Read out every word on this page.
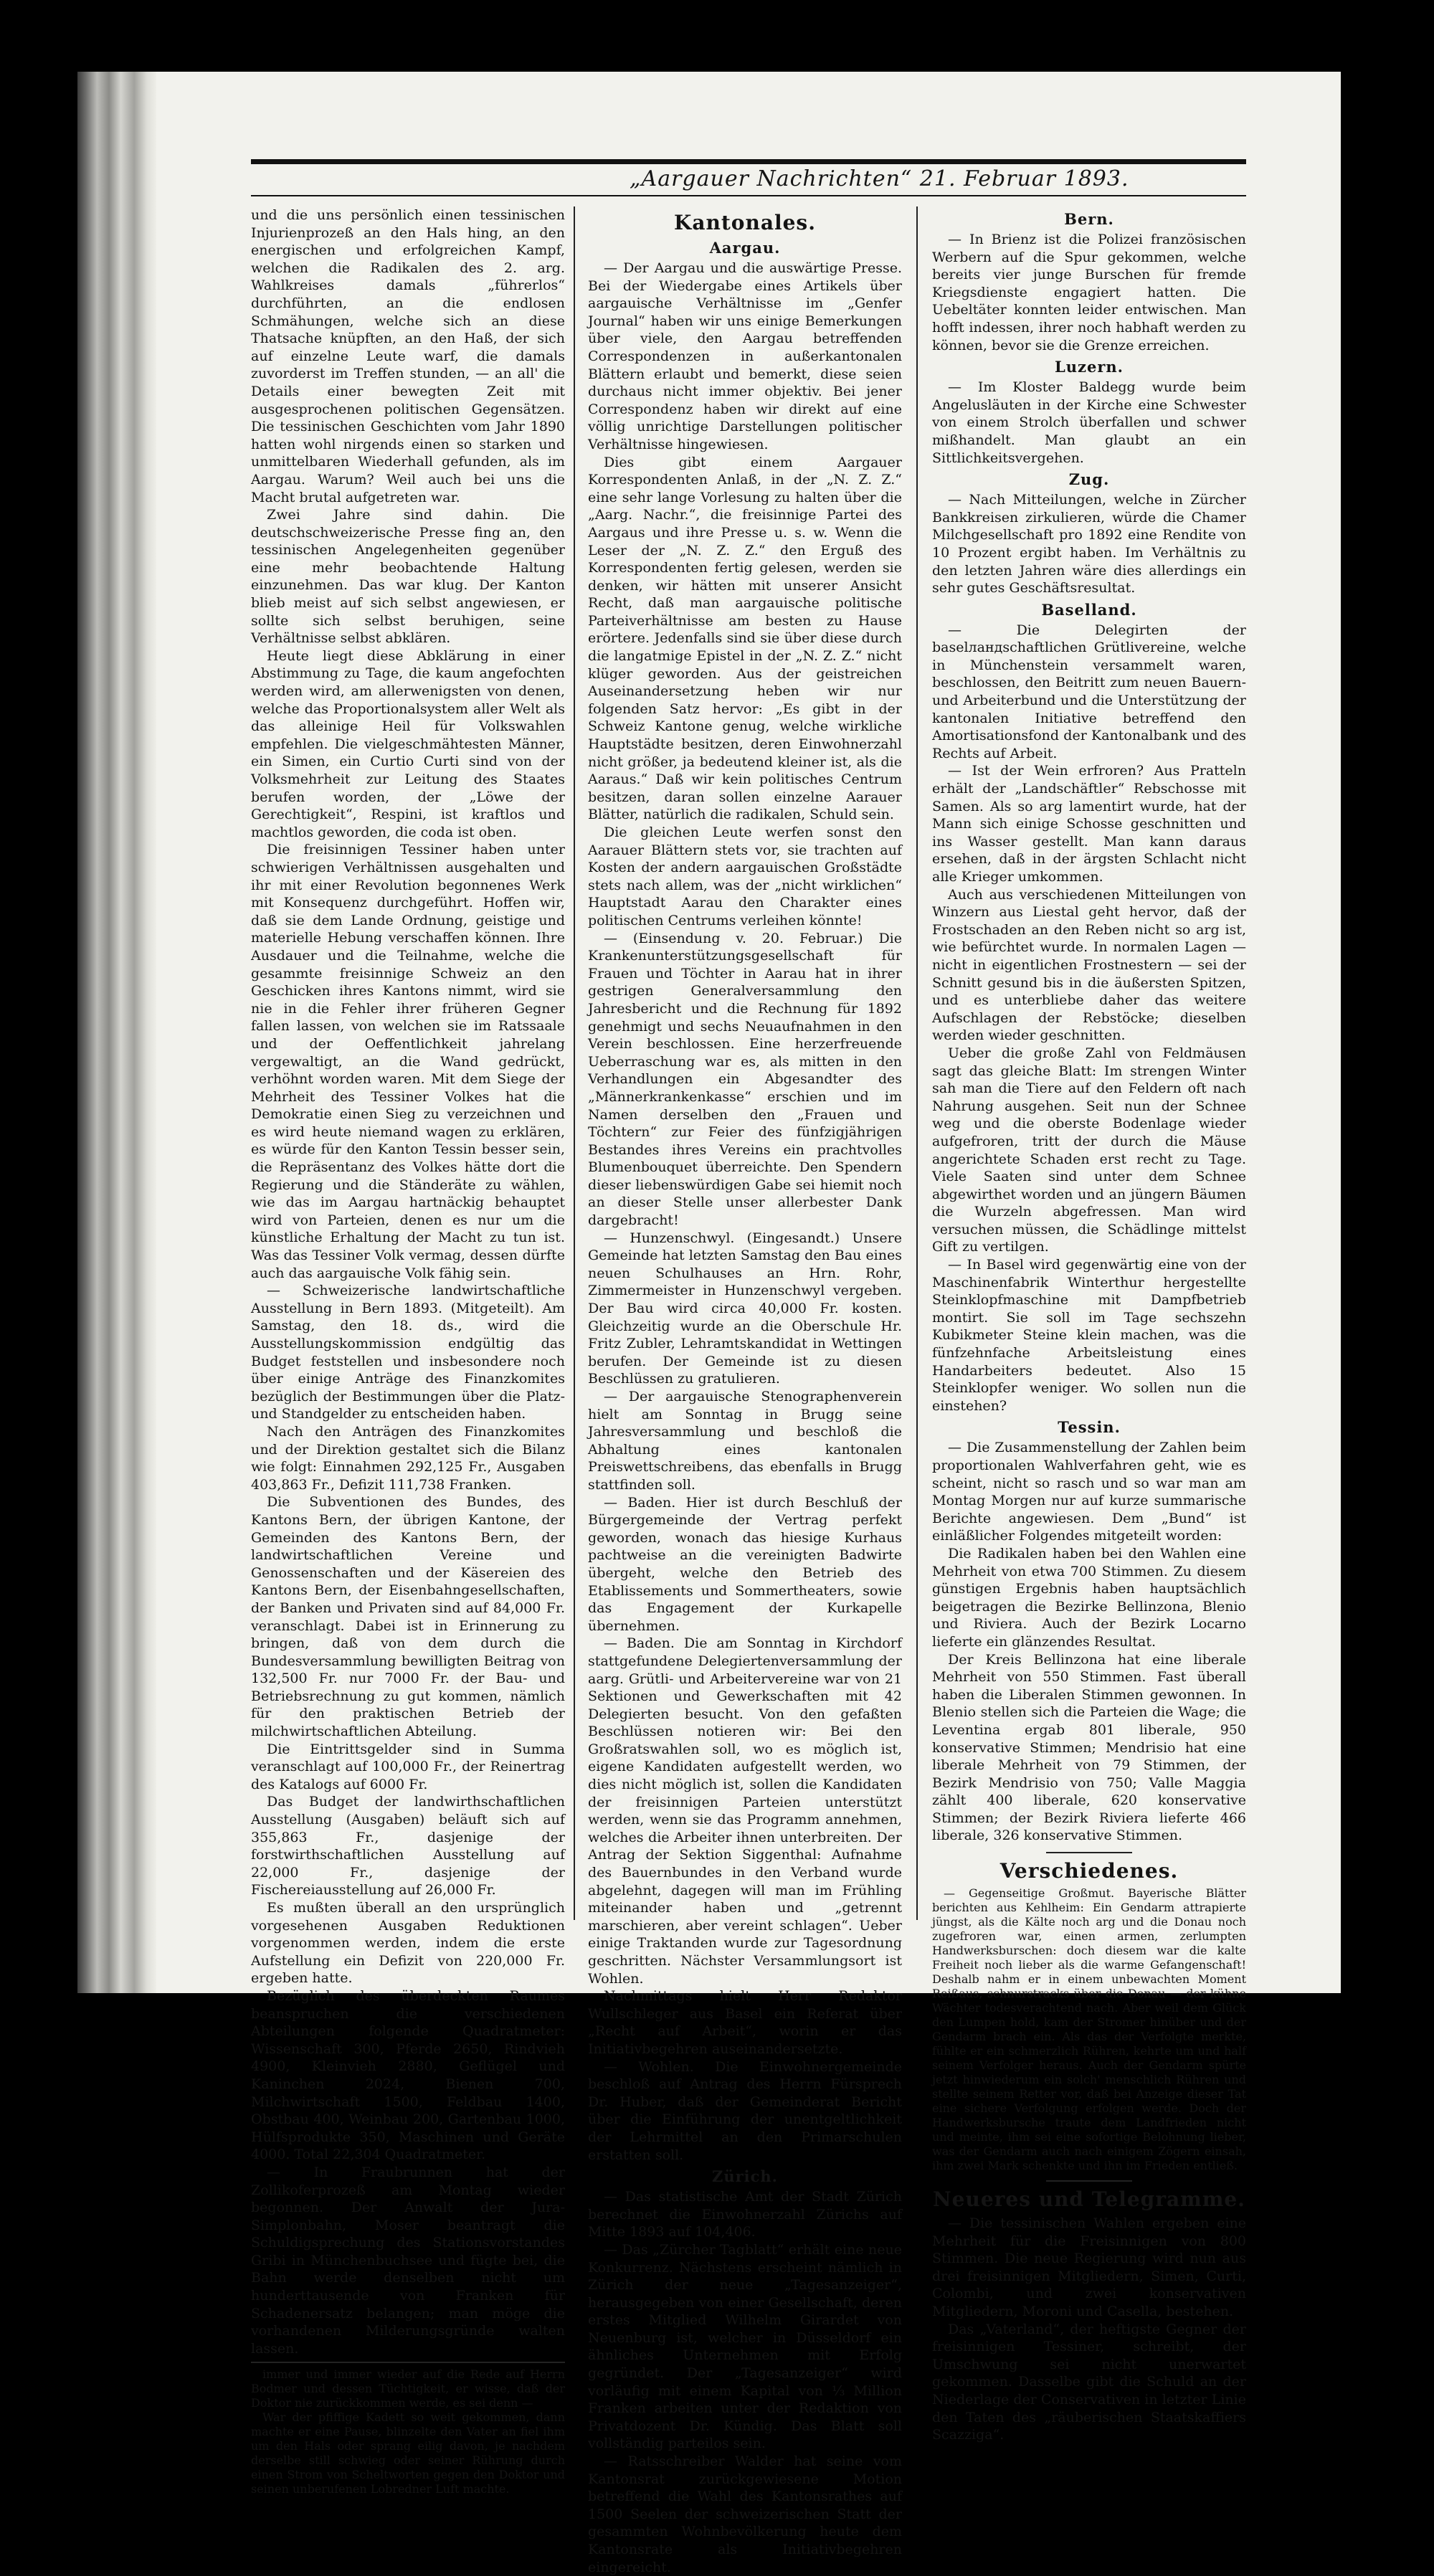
„Aargauer Nachrichten“ 21. Februar 1893.

und die uns persönlich einen tessinischen Injurienprozeß an den Hals hing, an den energischen und erfolgreichen Kampf, welchen die Radikalen des 2. arg. Wahlkreises damals „führerlos“ durchführten, an die endlosen Schmähungen, welche sich an diese Thatsache knüpften, an den Haß, der sich auf einzelne Leute warf, die damals zuvorderst im Treffen stunden, — an all' die Details einer bewegten Zeit mit ausgesprochenen politischen Gegensätzen. Die tessinischen Geschichten vom Jahr 1890 hatten wohl nirgends einen so starken und unmittelbaren Wiederhall gefunden, als im Aargau. Warum? Weil auch bei uns die Macht brutal aufgetreten war.

Zwei Jahre sind dahin. Die deutschschweizerische Presse fing an, den tessinischen Angelegenheiten gegenüber eine mehr beobachtende Haltung einzunehmen. Das war klug. Der Kanton blieb meist auf sich selbst angewiesen, er sollte sich selbst beruhigen, seine Verhältnisse selbst abklären.

Heute liegt diese Abklärung in einer Abstimmung zu Tage, die kaum angefochten werden wird, am allerwenigsten von denen, welche das Proportionalsystem aller Welt als das alleinige Heil für Volkswahlen empfehlen. Die vielgeschmähtesten Männer, ein Simen, ein Curtio Curti sind von der Volksmehrheit zur Leitung des Staates berufen worden, der „Löwe der Gerechtigkeit“, Respini, ist kraftlos und machtlos geworden, die coda ist oben.

Die freisinnigen Tessiner haben unter schwierigen Verhältnissen ausgehalten und ihr mit einer Revolution begonnenes Werk mit Konsequenz durchgeführt. Hoffen wir, daß sie dem Lande Ordnung, geistige und materielle Hebung verschaffen können. Ihre Ausdauer und die Teilnahme, welche die gesammte freisinnige Schweiz an den Geschicken ihres Kantons nimmt, wird sie nie in die Fehler ihrer früheren Gegner fallen lassen, von welchen sie im Ratssaale und der Oeffentlichkeit jahrelang vergewaltigt, an die Wand gedrückt, verhöhnt worden waren. Mit dem Siege der Mehrheit des Tessiner Volkes hat die Demokratie einen Sieg zu verzeichnen und es wird heute niemand wagen zu erklären, es würde für den Kanton Tessin besser sein, die Repräsentanz des Volkes hätte dort die Regierung und die Ständeräte zu wählen, wie das im Aargau hartnäckig behauptet wird von Parteien, denen es nur um die künstliche Erhaltung der Macht zu tun ist. Was das Tessiner Volk vermag, dessen dürfte auch das aargauische Volk fähig sein.

— Schweizerische landwirtschaftliche Ausstellung in Bern 1893. (Mitgeteilt). Am Samstag, den 18. ds., wird die Ausstellungskommission endgültig das Budget feststellen und insbesondere noch über einige Anträge des Finanzkomites bezüglich der Bestimmungen über die Platz- und Standgelder zu entscheiden haben.

Nach den Anträgen des Finanzkomites und der Direktion gestaltet sich die Bilanz wie folgt: Einnahmen 292,125 Fr., Ausgaben 403,863 Fr., Defizit 111,738 Franken.

Die Subventionen des Bundes, des Kantons Bern, der übrigen Kantone, der Gemeinden des Kantons Bern, der landwirtschaftlichen Vereine und Genossenschaften und der Käsereien des Kantons Bern, der Eisenbahngesellschaften, der Banken und Privaten sind auf 84,000 Fr. veranschlagt. Dabei ist in Erinnerung zu bringen, daß von dem durch die Bundesversammlung bewilligten Beitrag von 132,500 Fr. nur 7000 Fr. der Bau- und Betriebsrechnung zu gut kommen, nämlich für den praktischen Betrieb der milchwirtschaftlichen Abteilung.

Die Eintrittsgelder sind in Summa veranschlagt auf 100,000 Fr., der Reinertrag des Katalogs auf 6000 Fr.

Das Budget der landwirthschaftlichen Ausstellung (Ausgaben) beläuft sich auf 355,863 Fr., dasjenige der forstwirthschaftlichen Ausstellung auf 22,000 Fr., dasjenige der Fischereiausstellung auf 26,000 Fr.

Es mußten überall an den ursprünglich vorgesehenen Ausgaben Reduktionen vorgenommen werden, indem die erste Aufstellung ein Defizit von 220,000 Fr. ergeben hatte.

Bezüglich des überdeckten Raumes beanspruchen die verschiedenen Abteilungen folgende Quadratmeter: Wissenschaft 300, Pferde 2650, Rindvieh 4900, Kleinvieh 2880, Geflügel und Kaninchen 2024, Bienen 700, Milchwirtschaft 1500, Feldbau 1400, Obstbau 400, Weinbau 200, Gartenbau 1000, Hülfsprodukte 350, Maschinen und Geräte 4000. Total 22,304 Quadratmeter.

— In Fraubrunnen hat der Zollikoferprozeß am Montag wieder begonnen. Der Anwalt der Jura-Simplonbahn, Moser beantragt die Schuldigsprechung des Stationsvorstandes Gribi in Münchenbuchsee und fügte bei, die Bahn werde denselben nicht um hunderttausende von Franken für Schadenersatz belangen; man möge die vorhandenen Milderungsgründe walten lassen.

immer und immer wieder auf die Rede auf Herrn Bodmer und dessen Tüchtigkeit, er wisse, daß der Doktor nie zurückkommen werde, es sei denn —

War der pfiffige Kadett so weit gekommen, dann machte er eine Pause, blinzelte den Vater an fiel ihm um den Hals oder sprang eilig davon, je nachdem derselbe still schwieg oder seiner Rührung durch einen Strom von Scheltworten gegen den Doktor und seinen unberufenen Lobredner Luft machte.

Kantonales.
Aargau.

— Der Aargau und die auswärtige Presse. Bei der Wiedergabe eines Artikels über aargauische Verhältnisse im „Genfer Journal“ haben wir uns einige Bemerkungen über viele, den Aargau betreffenden Correspondenzen in außerkantonalen Blättern erlaubt und bemerkt, diese seien durchaus nicht immer objektiv. Bei jener Correspondenz haben wir direkt auf eine völlig unrichtige Darstellungen politischer Verhältnisse hingewiesen.

Dies gibt einem Aargauer Korrespondenten Anlaß, in der „N. Z. Z.“ eine sehr lange Vorlesung zu halten über die „Aarg. Nachr.“, die freisinnige Partei des Aargaus und ihre Presse u. s. w. Wenn die Leser der „N. Z. Z.“ den Erguß des Korrespondenten fertig gelesen, werden sie denken, wir hätten mit unserer Ansicht Recht, daß man aargauische politische Parteiverhältnisse am besten zu Hause erörtere. Jedenfalls sind sie über diese durch die langatmige Epistel in der „N. Z. Z.“ nicht klüger geworden. Aus der geistreichen Auseinandersetzung heben wir nur folgenden Satz hervor: „Es gibt in der Schweiz Kantone genug, welche wirkliche Hauptstädte besitzen, deren Einwohnerzahl nicht größer, ja bedeutend kleiner ist, als die Aaraus.“ Daß wir kein politisches Centrum besitzen, daran sollen einzelne Aarauer Blätter, natürlich die radikalen, Schuld sein.

Die gleichen Leute werfen sonst den Aarauer Blättern stets vor, sie trachten auf Kosten der andern aargauischen Großstädte stets nach allem, was der „nicht wirklichen“ Hauptstadt Aarau den Charakter eines politischen Centrums verleihen könnte!

— (Einsendung v. 20. Februar.) Die Krankenunterstützungsgesellschaft für Frauen und Töchter in Aarau hat in ihrer gestrigen Generalversammlung den Jahresbericht und die Rechnung für 1892 genehmigt und sechs Neuaufnahmen in den Verein beschlossen. Eine herzerfreuende Ueberraschung war es, als mitten in den Verhandlungen ein Abgesandter des „Männerkrankenkasse“ erschien und im Namen derselben den „Frauen und Töchtern“ zur Feier des fünfzigjährigen Bestandes ihres Vereins ein prachtvolles Blumenbouquet überreichte. Den Spendern dieser liebenswürdigen Gabe sei hiemit noch an dieser Stelle unser allerbester Dank dargebracht!

— Hunzenschwyl. (Eingesandt.) Unsere Gemeinde hat letzten Samstag den Bau eines neuen Schulhauses an Hrn. Rohr, Zimmermeister in Hunzenschwyl vergeben. Der Bau wird circa 40,000 Fr. kosten. Gleichzeitig wurde an die Oberschule Hr. Fritz Zubler, Lehramtskandidat in Wettingen berufen. Der Gemeinde ist zu diesen Beschlüssen zu gratulieren.

— Der aargauische Stenographenverein hielt am Sonntag in Brugg seine Jahresversammlung und beschloß die Abhaltung eines kantonalen Preiswettschreibens, das ebenfalls in Brugg stattfinden soll.

— Baden. Hier ist durch Beschluß der Bürgergemeinde der Vertrag perfekt geworden, wonach das hiesige Kurhaus pachtweise an die vereinigten Badwirte übergeht, welche den Betrieb des Etablissements und Sommertheaters, sowie das Engagement der Kurkapelle übernehmen.

— Baden. Die am Sonntag in Kirchdorf stattgefundene Delegiertenversammlung der aarg. Grütli- und Arbeitervereine war von 21 Sektionen und Gewerkschaften mit 42 Delegierten besucht. Von den gefaßten Beschlüssen notieren wir: Bei den Großratswahlen soll, wo es möglich ist, eigene Kandidaten aufgestellt werden, wo dies nicht möglich ist, sollen die Kandidaten der freisinnigen Parteien unterstützt werden, wenn sie das Programm annehmen, welches die Arbeiter ihnen unterbreiten. Der Antrag der Sektion Siggenthal: Aufnahme des Bauernbundes in den Verband wurde abgelehnt, dagegen will man im Frühling miteinander haben und „getrennt marschieren, aber vereint schlagen“. Ueber einige Traktanden wurde zur Tagesordnung geschritten. Nächster Versammlungsort ist Wohlen.

Nachmittags hielt Herr Redaktor Wullschleger aus Basel ein Referat über „Recht auf Arbeit“, worin er das Initiativbegehren auseinandersetzte.

— Wohlen. Die Einwohnergemeinde beschloß auf Antrag des Herrn Fürsprech Dr. Huber, daß der Gemeinderat Bericht über die Einführung der unentgeltlichkeit der Lehrmittel an den Primarschulen erstatten soll.

Zürich.

— Das statistische Amt der Stadt Zürich berechnet die Einwohnerzahl Zürichs auf Mitte 1893 auf 104,406.

— Das „Zürcher Tagblatt“ erhält eine neue Konkurrenz. Nächstens erscheint nämlich in Zürich der neue „Tagesanzeiger“, herausgegeben von einer Gesellschaft, deren erstes Mitglied Wilhelm Girardet von Neuenburg ist, welcher in Düsseldorf ein ähnliches Unternehmen mit Erfolg gegründet. Der „Tagesanzeiger“ wird vorläufig mit einem Kapital von ⅓ Million Franken arbeiten unter der Redaktion von Privatdozent Dr. Kündig. Das Blatt soll vollständig parteilos sein.

— Ratsschreiber Walder hat seine vom Kantonsrat zurückgewiesene Motion betreffend die Wahl des Kantonsrathes auf 1500 Seelen der schweizerischen Statt der gesammten Wohnbevölkerung heute dem Kantonsrate als Initiativbegehren eingereicht.

Bern.

— In Brienz ist die Polizei französischen Werbern auf die Spur gekommen, welche bereits vier junge Burschen für fremde Kriegsdienste engagiert hatten. Die Uebeltäter konnten leider entwischen. Man hofft indessen, ihrer noch habhaft werden zu können, bevor sie die Grenze erreichen.

Luzern.

— Im Kloster Baldegg wurde beim Angelusläuten in der Kirche eine Schwester von einem Strolch überfallen und schwer mißhandelt. Man glaubt an ein Sittlichkeitsvergehen.

Zug.

— Nach Mitteilungen, welche in Zürcher Bankkreisen zirkulieren, würde die Chamer Milchgesellschaft pro 1892 eine Rendite von 10 Prozent ergibt haben. Im Verhältnis zu den letzten Jahren wäre dies allerdings ein sehr gutes Geschäftsresultat.

Baselland.

— Die Delegirten der baselландschaftlichen Grütlivereine, welche in Münchenstein versammelt waren, beschlossen, den Beitritt zum neuen Bauern- und Arbeiterbund und die Unterstützung der kantonalen Initiative betreffend den Amortisationsfond der Kantonalbank und des Rechts auf Arbeit.

— Ist der Wein erfroren? Aus Pratteln erhält der „Landschäftler“ Rebschosse mit Samen. Als so arg lamentirt wurde, hat der Mann sich einige Schosse geschnitten und ins Wasser gestellt. Man kann daraus ersehen, daß in der ärgsten Schlacht nicht alle Krieger umkommen.

Auch aus verschiedenen Mitteilungen von Winzern aus Liestal geht hervor, daß der Frostschaden an den Reben nicht so arg ist, wie befürchtet wurde. In normalen Lagen — nicht in eigentlichen Frostnestern — sei der Schnitt gesund bis in die äußersten Spitzen, und es unterbliebe daher das weitere Aufschlagen der Rebstöcke; dieselben werden wieder geschnitten.

Ueber die große Zahl von Feldmäusen sagt das gleiche Blatt: Im strengen Winter sah man die Tiere auf den Feldern oft nach Nahrung ausgehen. Seit nun der Schnee weg und die oberste Bodenlage wieder aufgefroren, tritt der durch die Mäuse angerichtete Schaden erst recht zu Tage. Viele Saaten sind unter dem Schnee abgewirthet worden und an jüngern Bäumen die Wurzeln abgefressen. Man wird versuchen müssen, die Schädlinge mittelst Gift zu vertilgen.

— In Basel wird gegenwärtig eine von der Maschinenfabrik Winterthur hergestellte Steinklopfmaschine mit Dampfbetrieb montirt. Sie soll im Tage sechszehn Kubikmeter Steine klein machen, was die fünfzehnfache Arbeitsleistung eines Handarbeiters bedeutet. Also 15 Steinklopfer weniger. Wo sollen nun die einstehen?

Tessin.

— Die Zusammenstellung der Zahlen beim proportionalen Wahlverfahren geht, wie es scheint, nicht so rasch und so war man am Montag Morgen nur auf kurze summarische Berichte angewiesen. Dem „Bund“ ist einläßlicher Folgendes mitgeteilt worden:

Die Radikalen haben bei den Wahlen eine Mehrheit von etwa 700 Stimmen. Zu diesem günstigen Ergebnis haben hauptsächlich beigetragen die Bezirke Bellinzona, Blenio und Riviera. Auch der Bezirk Locarno lieferte ein glänzendes Resultat.

Der Kreis Bellinzona hat eine liberale Mehrheit von 550 Stimmen. Fast überall haben die Liberalen Stimmen gewonnen. In Blenio stellen sich die Parteien die Wage; die Leventina ergab 801 liberale, 950 konservative Stimmen; Mendrisio hat eine liberale Mehrheit von 79 Stimmen, der Bezirk Mendrisio von 750; Valle Maggia zählt 400 liberale, 620 konservative Stimmen; der Bezirk Riviera lieferte 466 liberale, 326 konservative Stimmen.

Verschiedenes.

— Gegenseitige Großmut. Bayerische Blätter berichten aus Kehlheim: Ein Gendarm attrapierte jüngst, als die Kälte noch arg und die Donau noch zugefroren war, einen armen, zerlumpten Handwerksburschen: doch diesem war die kalte Freiheit noch lieber als die warme Gefangenschaft! Deshalb nahm er in einem unbewachten Moment Reißaus, schnurstracks über die Donau — der kühne Wächter todesverachtend nach. Aber weil dem Glück den Lumpen hold, kam der Stromer hinüber und der Gendarm brach ein. Als das der Verfolgte merkte, fühlte er ein schmerzlich Rühren, kehrte um und half seinem Verfolger heraus. Auch der Gendarm spürte jetzt hinwiederum ein solch' menschlich Rühren und stellte seinem Retter vor, daß bei Anzeige dieser Tat eine sichere Verfolgung erfolgen werde. Doch der Handwerksbursche traute dem Landfrieden nicht und meinte, ihm sei eine sofortige Belohnung lieber, was der Gendarm auch nach einigem Zögern einsah, ihm zwei Mark schenkte und ihn im Frieden entließ.

Neueres und Telegramme.

— Die tessinischen Wahlen ergeben eine Mehrheit für die Freisinnigen von 800 Stimmen. Die neue Regierung wird nun aus drei freisinnigen Mitgliedern, Simen, Curti, Colombi, und zwei konservativen Mitgliedern, Moroni und Casella, bestehen.

Das „Vaterland“, der heftigste Gegner der freisinnigen Tessiner, schreibt, der Umschwung sei nicht unerwartet gekommen. Dasselbe gibt die Schuld an der Niederlage der Conservativen in letzter Linie den Taten des „räuberischen Staatskaffiers Scazziga“.
